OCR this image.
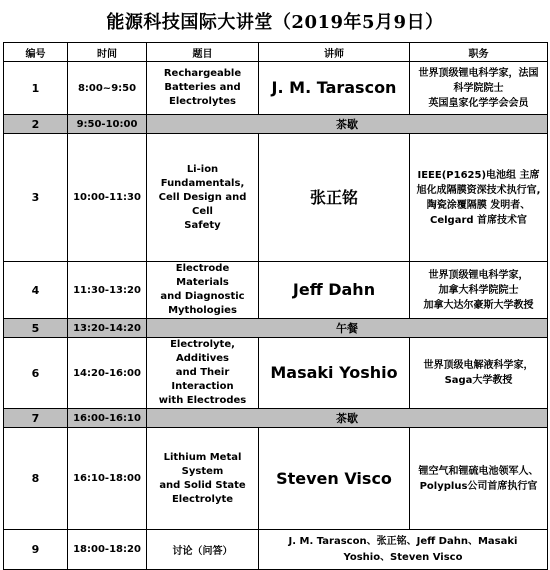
能源科技国际大讲堂（2019年5月9日）
编号	时间	题目	讲师	职务
1	8:00~9:50	Rechargeable
Batteries and
Electrolytes	J. M. Tarascon	世界顶级锂电科学家，法国
科学院院士
英国皇家化学学会会员

2	9:50-10:00	茶歇		
3	10:00-11:30	Li-ion Fundamentals,
Cell Design and Cell
Safety	张正铭	IEEE(P1625)电池组 主席
旭化成隔膜资深技术执行官,
陶瓷涂覆隔膜 发明者、
Celgard 首席技术官

4	11:30-13:20	Electrode Materials
and Diagnostic
Mythologies	Jeff Dahn	世界顶级锂电科学家，
加拿大科学院院士
加拿大达尔豪斯大学教授

5	13:20-14:20	午餐		
6	14:20-16:00	Electrolyte, Additives
and Their Interaction
with Electrodes	Masaki Yoshio	世界顶级电解液科学家，
Saga大学教授

7	16:00-16:10	茶歇		
8	16:10-18:00	Lithium Metal System
and Solid State
Electrolyte	Steven Visco	锂空气和锂硫电池领军人、
Polyplus公司首席执行官

9	18:00-18:20	讨论（问答）	J. M. Tarascon、张正铭、Jeff Dahn、Masaki
Yoshio、Steven Visco	
